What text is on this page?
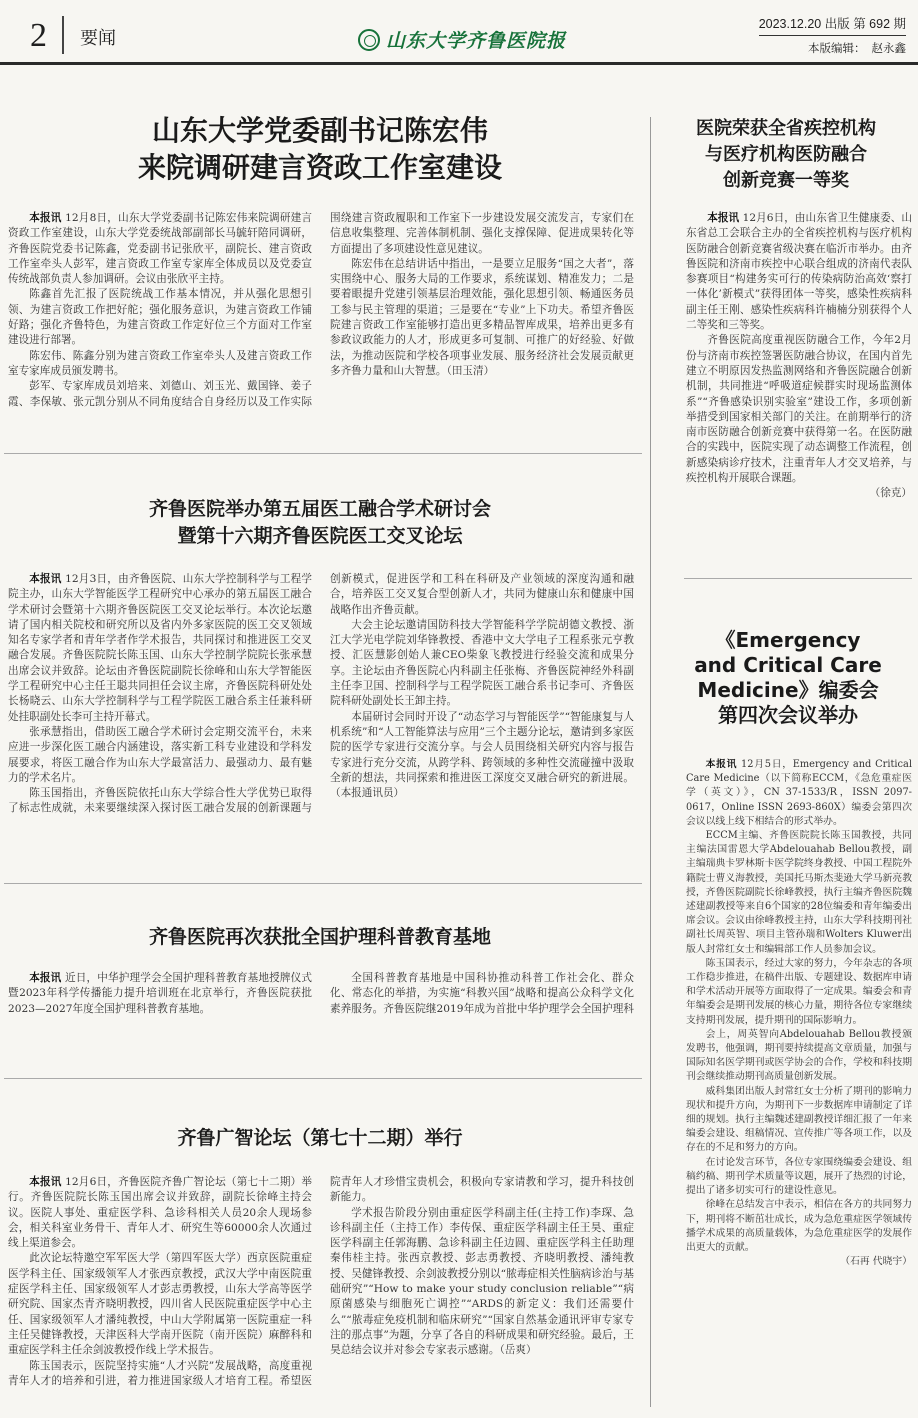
2 要闻	山东大学齐鲁医院报
2023.12.20 出版 第 692 期
本版编辑： 赵永鑫
山东大学党委副书记陈宏伟
来院调研建言资政工作室建设

本报讯 12月8日，山东大学党委副书记陈宏伟来院调研建言资政工作室建设，山东大学党委统战部副部长马毓轩陪同调研，齐鲁医院党委书记陈鑫，党委副书记张欣平，副院长、建言资政工作室牵头人彭军，建言资政工作室专家库全体成员以及党委宣传统战部负责人参加调研。会议由张欣平主持。

陈鑫首先汇报了医院统战工作基本情况，并从强化思想引领、为建言资政工作把好舵；强化服务意识，为建言资政工作铺好路；强化齐鲁特色，为建言资政工作定好位三个方面对工作室建设进行部署。

陈宏伟、陈鑫分别为建言资政工作室牵头人及建言资政工作室专家库成员颁发聘书。

彭军、专家库成员刘培来、刘德山、刘玉光、戴国锋、姜子霞、李保敏、张元凯分别从不同角度结合自身经历以及工作实际围绕建言资政履职和工作室下一步建设发展交流发言，专家们在信息收集整理、完善体制机制、强化支撑保障、促进成果转化等方面提出了多项建设性意见建议。

陈宏伟在总结讲话中指出，一是要立足服务“国之大者”，落实围绕中心、服务大局的工作要求，系统谋划、精准发力；二是要着眼提升党建引领基层治理效能，强化思想引领、畅通医务员工参与民主管理的渠道；三是要在“专业”上下功夫。希望齐鲁医院建言资政工作室能够打造出更多精品智库成果，培养出更多有参政议政能力的人才，形成更多可复制、可推广的好经验、好做法，为推动医院和学校各项事业发展、服务经济社会发展贡献更多齐鲁力量和山大智慧。（田玉清）

齐鲁医院举办第五届医工融合学术研讨会
暨第十六期齐鲁医院医工交叉论坛

本报讯 12月3日，由齐鲁医院、山东大学控制科学与工程学院主办，山东大学智能医学工程研究中心承办的第五届医工融合学术研讨会暨第十六期齐鲁医院医工交叉论坛举行。本次论坛邀请了国内相关院校和研究所以及省内外多家医院的医工交叉领域知名专家学者和青年学者作学术报告，共同探讨和推进医工交叉融合发展。齐鲁医院院长陈玉国、山东大学控制学院院长张承慧出席会议并致辞。论坛由齐鲁医院副院长徐峰和山东大学智能医学工程研究中心主任王聪共同担任会议主席，齐鲁医院科研处处长杨晓云、山东大学控制科学与工程学院医工融合系主任兼科研处挂职副处长李可主持开幕式。

张承慧指出，借助医工融合学术研讨会定期交流平台，未来应进一步深化医工融合内涵建设，落实新工科专业建设和学科发展要求，将医工融合作为山东大学最富活力、最强动力、最有魅力的学术名片。

陈玉国指出，齐鲁医院依托山东大学综合性大学优势已取得了标志性成就，未来要继续深入探讨医工融合发展的创新课题与创新模式，促进医学和工科在科研及产业领域的深度沟通和融合，培养医工交叉复合型创新人才，共同为健康山东和健康中国战略作出齐鲁贡献。

大会主论坛邀请国防科技大学智能科学学院胡德文教授、浙江大学光电学院刘华锋教授、香港中文大学电子工程系张元亨教授、汇医慧影创始人兼CEO柴象飞教授进行经验交流和成果分享。主论坛由齐鲁医院心内科副主任张梅、齐鲁医院神经外科副主任李卫国、控制科学与工程学院医工融合系书记李可、齐鲁医院科研处副处长王卸主持。

本届研讨会同时开设了“动态学习与智能医学”“智能康复与人机系统”和“人工智能算法与应用”三个主题分论坛，邀请到多家医院的医学专家进行交流分享。与会人员围绕相关研究内容与报告专家进行充分交流，从跨学科、跨领域的多种性交流碰撞中汲取全新的想法，共同探索和推进医工深度交叉融合研究的新进展。（本报通讯员）

齐鲁医院再次获批全国护理科普教育基地

本报讯 近日，中华护理学会全国护理科普教育基地授牌仪式暨2023年科学传播能力提升培训班在北京举行，齐鲁医院获批2023—2027年度全国护理科普教育基地。

全国科普教育基地是中国科协推动科普工作社会化、群众化、常态化的举措，为实施“科教兴国”战略和提高公众科学文化素养服务。齐鲁医院继2019年成为首批中华护理学会全国护理科

齐鲁广智论坛（第七十二期）举行

本报讯 12月6日，齐鲁医院齐鲁广智论坛（第七十二期）举行。齐鲁医院院长陈玉国出席会议并致辞，副院长徐峰主持会议。医院人事处、重症医学科、急诊科相关人员20余人现场参会，相关科室业务骨干、青年人才、研究生等60000余人次通过线上渠道参会。

此次论坛特邀空军军医大学（第四军医大学）西京医院重症医学科主任、国家级领军人才张西京教授，武汉大学中南医院重症医学科主任、国家级领军人才彭志勇教授，山东大学高等医学研究院、国家杰青齐晓明教授，四川省人民医院重症医学中心主任、国家级领军人才潘纯教授，中山大学附属第一医院重症一科主任吴健锋教授，天津医科大学南开医院（南开医院）麻醉科和重症医学科主任余剑波教授作线上学术报告。

陈玉国表示，医院坚持实施“人才兴院”发展战略，高度重视青年人才的培养和引进，着力推进国家级人才培育工程。希望医院青年人才珍惜宝贵机会，积极向专家请教和学习，提升科技创新能力。

学术报告阶段分别由重症医学科副主任(主持工作)李琛、急诊科副主任（主持工作）李传保、重症医学科副主任王昊、重症医学科副主任郭海鹏、急诊科副主任边圆、重症医学科主任助理秦伟桂主持。张西京教授、彭志勇教授、齐晓明教授、潘纯教授、吴健锋教授、余剑波教授分别以“脓毒症相关性脑病诊治与基础研究”“How to make your study conclusion reliable”“病原菌感染与细胞死亡调控”“ARDS的新定义：我们还需要什么”“脓毒症免疫机制和临床研究”“国家自然基金通讯评审专家专注的那点事”为题，分享了各自的科研成果和研究经验。最后，王昊总结会议并对参会专家表示感谢。（岳爽）

医院荣获全省疾控机构
与医疗机构医防融合
创新竞赛一等奖

本报讯 12月6日，由山东省卫生健康委、山东省总工会联合主办的全省疾控机构与医疗机构医防融合创新竞赛省级决赛在临沂市举办。由齐鲁医院和济南市疾控中心联合组成的济南代表队参赛项目“构建务实可行的传染病防治高效‘察打一体化’新模式”获得团体一等奖，感染性疾病科副主任王刚、感染性疾病科许楠楠分别获得个人二等奖和三等奖。

齐鲁医院高度重视医防融合工作，今年2月份与济南市疾控签署医防融合协议，在国内首先建立不明原因发热监测网络和齐鲁医院融合创新机制，共同推进“呼吸道症候群实时现场监测体系”“齐鲁感染识别实验室”建设工作，多项创新举措受到国家相关部门的关注。在前期举行的济南市医防融合创新竞赛中获得第一名。在医防融合的实践中，医院实现了动态调整工作流程，创新感染病诊疗技术，注重青年人才交叉培养，与疾控机构开展联合课题。

（徐克）
《Emergency
and Critical Care
Medicine》编委会
第四次会议举办

本报讯 12月5日，Emergency and Critical Care Medicine（以下简称ECCM，《急危重症医学（英文）》，CN 37-1533/R，ISSN 2097-0617，Online ISSN 2693-860X）编委会第四次会议以线上线下相结合的形式举办。

ECCM主编、齐鲁医院院长陈玉国教授，共同主编法国雷恩大学Abdelouahab Bellou教授，副主编瑞典卡罗林斯卡医学院终身教授、中国工程院外籍院士曹义海教授，美国托马斯杰斐逊大学马新亮教授，齐鲁医院副院长徐峰教授，执行主编齐鲁医院魏述建副教授等来自6个国家的28位编委和青年编委出席会议。会议由徐峰教授主持，山东大学科技期刊社副社长周英智、项目主管孙瑞和Wolters Kluwer出版人封常红女士和编辑部工作人员参加会议。

陈玉国表示，经过大家的努力，今年杂志的各项工作稳步推进，在稿件出版、专题建设、数据库申请和学术活动开展等方面取得了一定成果。编委会和青年编委会是期刊发展的核心力量，期待各位专家继续支持期刊发展，提升期刊的国际影响力。

会上，周英智向Abdelouahab Bellou教授颁发聘书，他强调，期刊要持续提高文章质量，加强与国际知名医学期刊或医学协会的合作，学校和科技期刊会继续推动期刊高质量创新发展。

威科集团出版人封常红女士分析了期刊的影响力现状和提升方向，为期刊下一步数据库申请制定了详细的规划。执行主编魏述建副教授详细汇报了一年来编委会建设、组稿情况、宣传推广等各项工作，以及存在的不足和努力的方向。

在讨论发言环节，各位专家围绕编委会建设、组稿约稿、期刊学术质量等议题，展开了热烈的讨论，提出了诸多切实可行的建设性意见。

徐峰在总结发言中表示，相信在各方的共同努力下，期刊将不断茁壮成长，成为急危重症医学领域传播学术成果的高质量载体，为急危重症医学的发展作出更大的贡献。

（石再 代晓宇）
